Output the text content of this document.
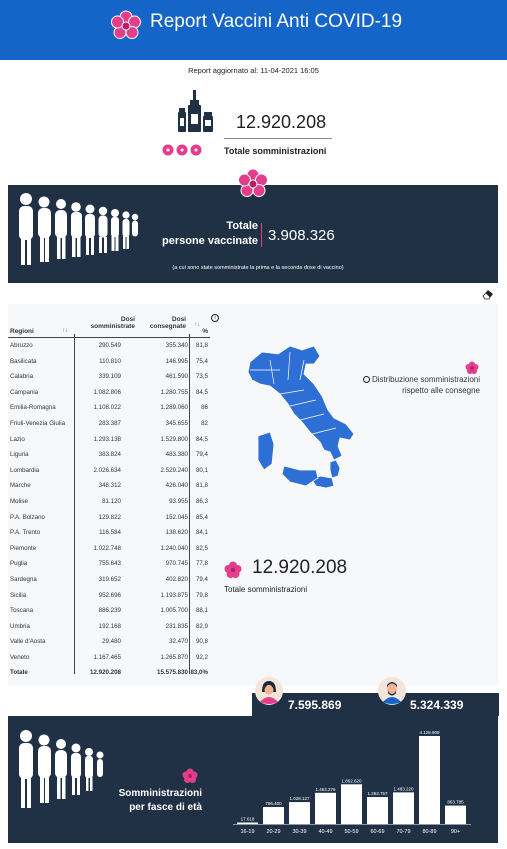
Report Vaccini Anti COVID-19
Report aggiornato al: 11-04-2021 16:05
12.920.208
Totale somministrazioni
Totale
persone vaccinate 3.908.326
(a cui sono state somministrate la prima e la seconda dose di vaccino)
Regioni	↑↓
Dosi
somministrate
Dosi
consegnate ↑↓
%
Abruzzo	290.549	355.340 81,8
Basilicata	110.810	146.995 75,4
Calabria	339.109	461.590 73,5
Campania	1.082.806	1.280.755 84,5
Emilia-Romagna	1.108.022	1.289.060 86
Friuli-Venezia Giulia	283.387	345.655 82
Lazio	1.293.138	1.529.800 84,5
Liguria	383.824	483.380 79,4
Lombardia	2.026.634	2.529.240 80,1
Marche	348.312	426.040 81,8
Molise	81.120	93.955 86,3
P.A. Bolzano	129.822	152.045 85,4
P.A. Trento	116.584	138.620 84,1
Piemonte	1.022.748	1.240.040 82,5
Puglia	755.643	970.745 77,8
Sardegna	319.652	402.820 79,4
Sicilia	952.696	1.193.875 79,8
Toscana	886.239	1.005.700 88,1
Umbria	192.168	231.835 82,9
Valle d'Aosta	29.480	32.470 90,8
Veneto	1.167.465	1.265.870 92,2
Totale	12.920.208	15.575.830 83,0%
i
Distribuzione somministrazioni
rispetto alle consegne
12.920.208
Totale somministrazioni
7.595.869	5.324.339
Somministrazioni
per fasce di età
17.618
16-19
796.400
20-29
1.028.127
30-39
1.463.276
40-49
1.862.620
50-59
1.263.757
60-69
1.483.220
70-79
4.128.909
80-89
863.785
90+
